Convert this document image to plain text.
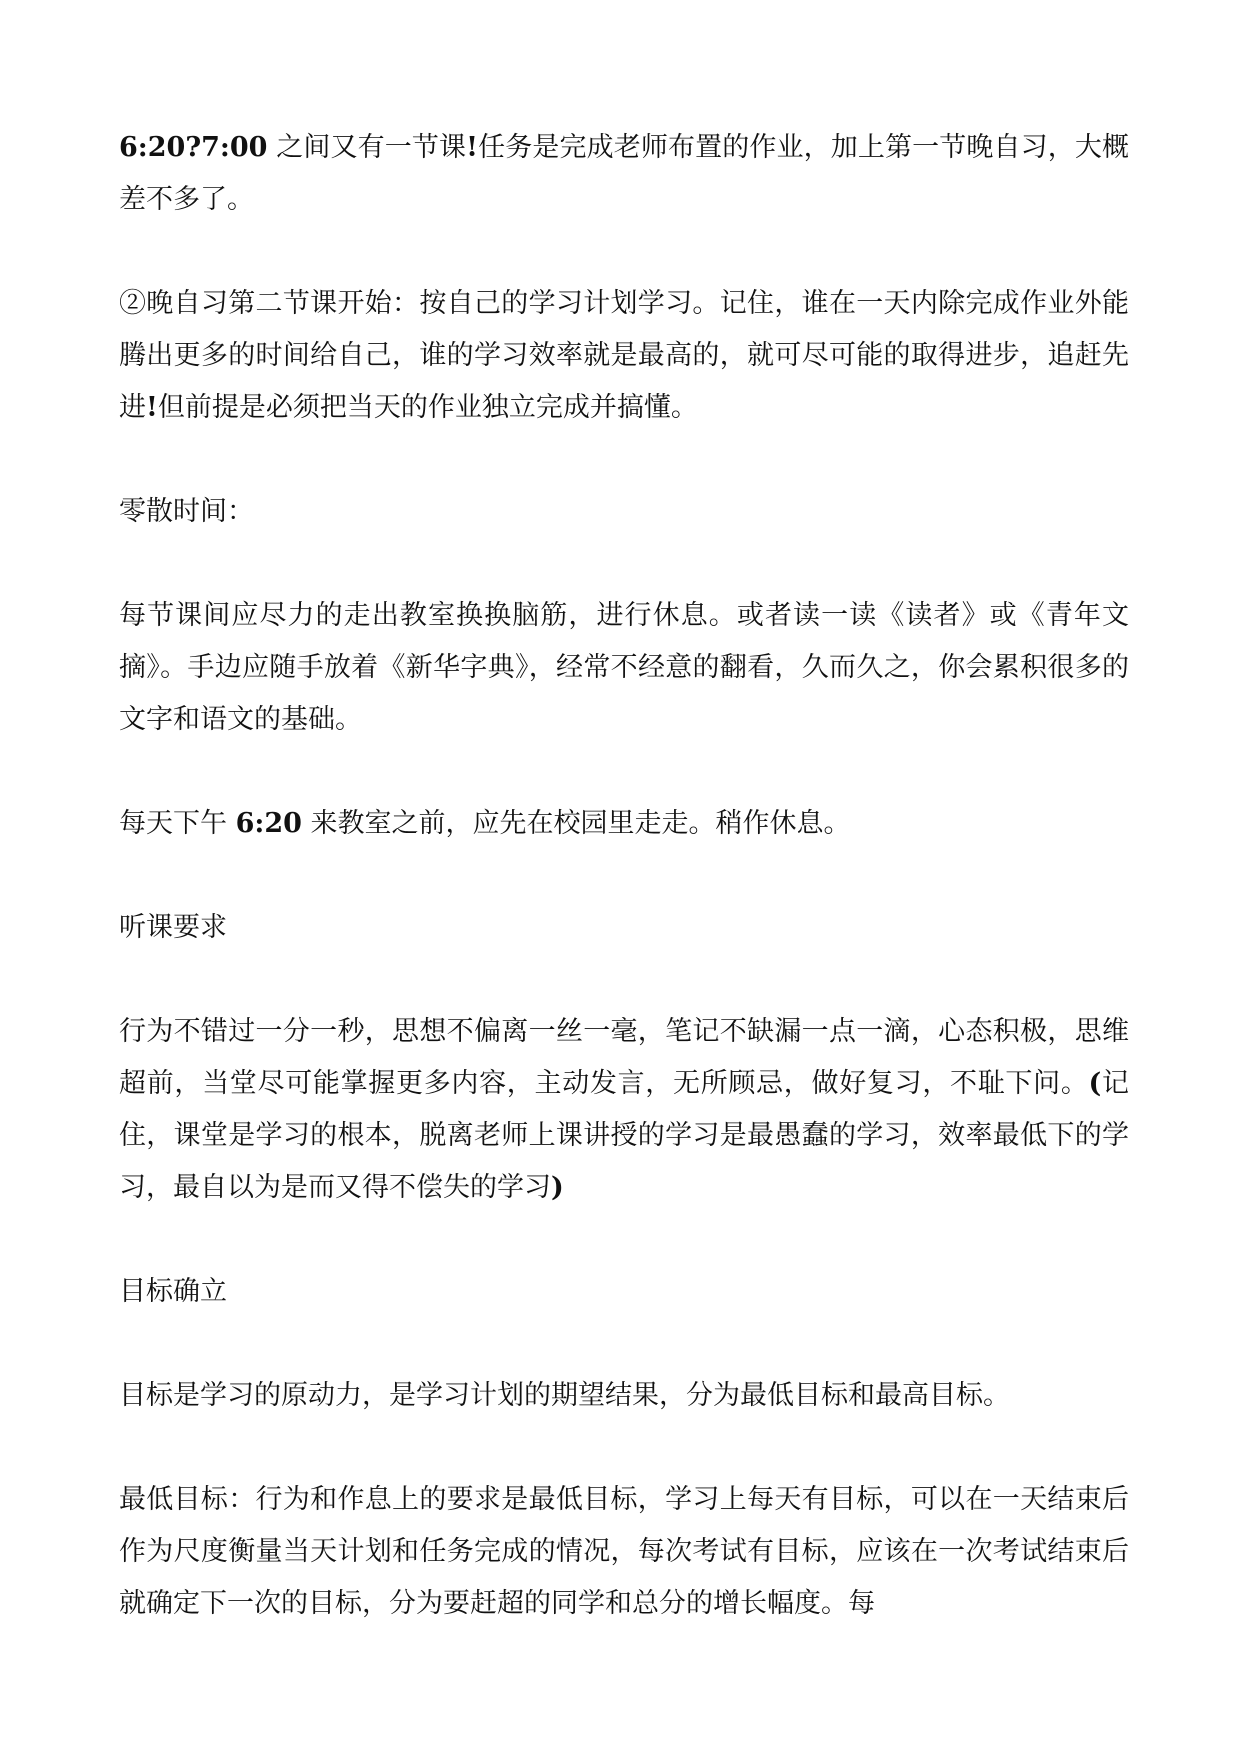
6:20?7:00 之间又有一节课!任务是完成老师布置的作业，加上第一节晚自习，大概差不多了。

②晚自习第二节课开始：按自己的学习计划学习。记住，谁在一天内除完成作业外能腾出更多的时间给自己，谁的学习效率就是最高的，就可尽可能的取得进步，追赶先进!但前提是必须把当天的作业独立完成并搞懂。

零散时间：

每节课间应尽力的走出教室换换脑筋，进行休息。或者读一读《读者》或《青年文摘》。手边应随手放着《新华字典》，经常不经意的翻看，久而久之，你会累积很多的文字和语文的基础。

每天下午 6:20 来教室之前，应先在校园里走走。稍作休息。

听课要求

行为不错过一分一秒，思想不偏离一丝一毫，笔记不缺漏一点一滴，心态积极，思维超前，当堂尽可能掌握更多内容，主动发言，无所顾忌，做好复习，不耻下问。(记住，课堂是学习的根本，脱离老师上课讲授的学习是最愚蠢的学习，效率最低下的学习，最自以为是而又得不偿失的学习)

目标确立

目标是学习的原动力，是学习计划的期望结果，分为最低目标和最高目标。

最低目标：行为和作息上的要求是最低目标，学习上每天有目标，可以在一天结束后作为尺度衡量当天计划和任务完成的情况，每次考试有目标，应该在一次考试结束后就确定下一次的目标，分为要赶超的同学和总分的增长幅度。每
